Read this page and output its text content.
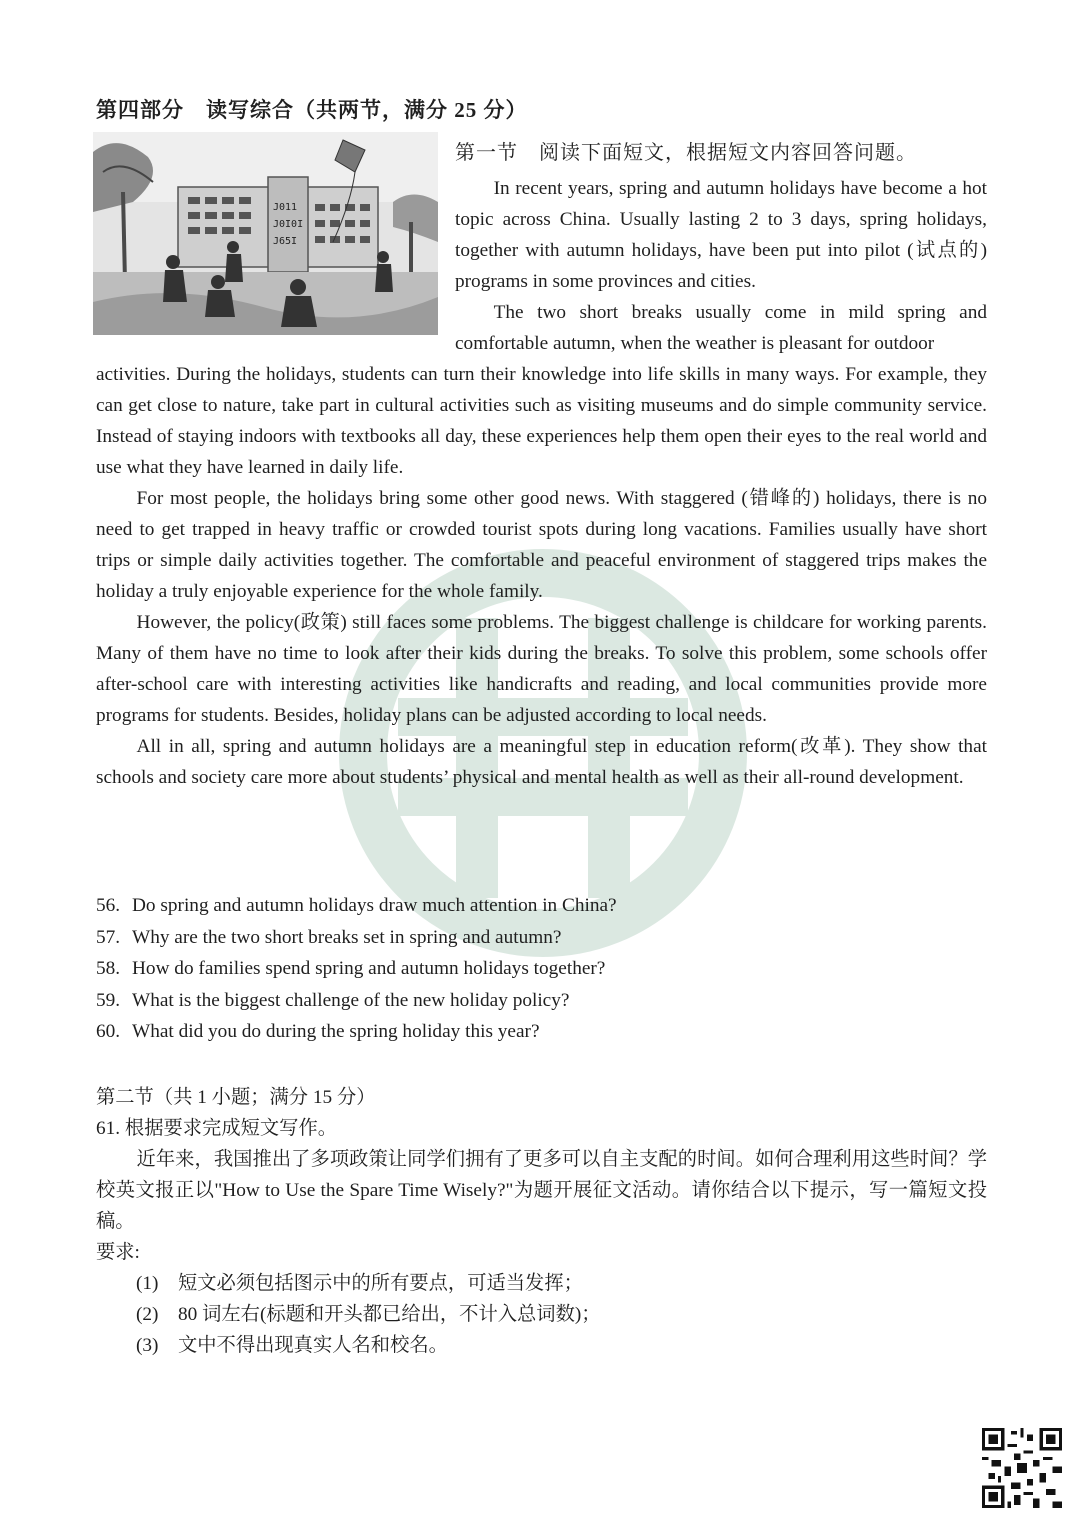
第四部分　读写综合（共两节，满分 25 分）
J011
J0I0I
J65I
第一节　阅读下面短文，根据短文内容回答问题。

In recent years, spring and autumn holidays have become a hot topic across China. Usually lasting 2 to 3 days, spring holidays, together with autumn holidays, have been put into pilot (试点的) programs in some provinces and cities.

The two short breaks usually come in mild spring and comfortable autumn, when the weather is pleasant for outdoor

activities. During the holidays, students can turn their knowledge into life skills in many ways. For example, they can get close to nature, take part in cultural activities such as visiting museums and do simple community service. Instead of staying indoors with textbooks all day, these experiences help them open their eyes to the real world and use what they have learned in daily life.

For most people, the holidays bring some other good news. With staggered (错峰的) holidays, there is no need to get trapped in heavy traffic or crowded tourist spots during long vacations. Families usually have short trips or simple daily activities together. The comfortable and peaceful environment of staggered trips makes the holiday a truly enjoyable experience for the whole family.

However, the policy(政策) still faces some problems. The biggest challenge is childcare for working parents. Many of them have no time to look after their kids during the breaks. To solve this problem, some schools offer after-school care with interesting activities like handicrafts and reading, and local communities provide more programs for students. Besides, holiday plans can be adjusted according to local needs.

All in all, spring and autumn holidays are a meaningful step in education reform(改革). They show that schools and society care more about students’ physical and mental health as well as their all-round development.

56. Do spring and autumn holidays draw much attention in China?

57. Why are the two short breaks set in spring and autumn?

58. How do families spend spring and autumn holidays together?

59. What is the biggest challenge of the new holiday policy?

60. What did you do during the spring holiday this year?

第二节（共 1 小题；满分 15 分）

61. 根据要求完成短文写作。

近年来，我国推出了多项政策让同学们拥有了更多可以自主支配的时间。如何合理利用这些时间？学校英文报正以"How to Use the Spare Time Wisely?"为题开展征文活动。请你结合以下提示，写一篇短文投稿。

要求:

(1) 短文必须包括图示中的所有要点，可适当发挥；

(2) 80 词左右(标题和开头都已给出，不计入总词数)；

(3) 文中不得出现真实人名和校名。
